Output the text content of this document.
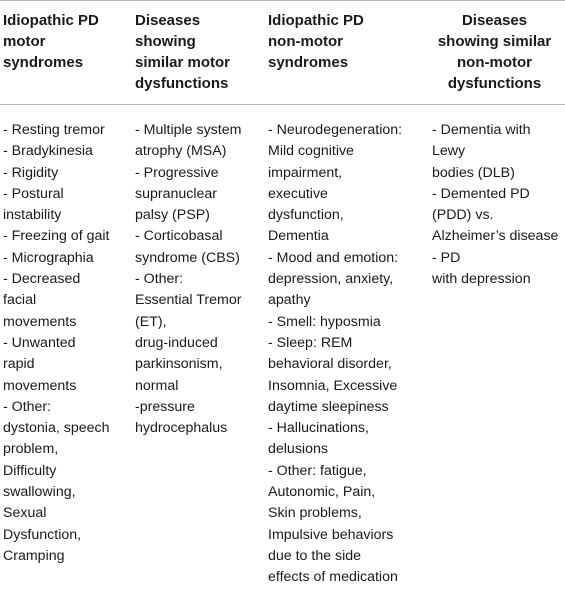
Idiopathic PD
motor
syndromes
Diseases
showing
similar motor
dysfunctions
Idiopathic PD
non-motor
syndromes
Diseases
showing similar
non-motor
dysfunctions
- Resting tremor
- Bradykinesia
- Rigidity
- Postural
instability
- Freezing of gait
- Micrographia
- Decreased
facial
movements
- Unwanted
rapid
movements
- Other:
dystonia, speech
problem,
Difficulty
swallowing,
Sexual
Dysfunction,
Cramping
- Multiple system
atrophy (MSA)
- Progressive
supranuclear
palsy (PSP)
- Corticobasal
syndrome (CBS)
- Other:
Essential Tremor
(ET),
drug-induced
parkinsonism,
normal
-pressure
hydrocephalus
- Neurodegeneration:
Mild cognitive
impairment,
executive
dysfunction,
Dementia
- Mood and emotion:
depression, anxiety,
apathy
- Smell: hyposmia
- Sleep: REM
behavioral disorder,
Insomnia, Excessive
daytime sleepiness
- Hallucinations,
delusions
- Other: fatigue,
Autonomic, Pain,
Skin problems,
Impulsive behaviors
due to the side
effects of medication
- Dementia with
Lewy
bodies (DLB)
- Demented PD
(PDD) vs.
Alzheimer’s disease
- PD
with depression
